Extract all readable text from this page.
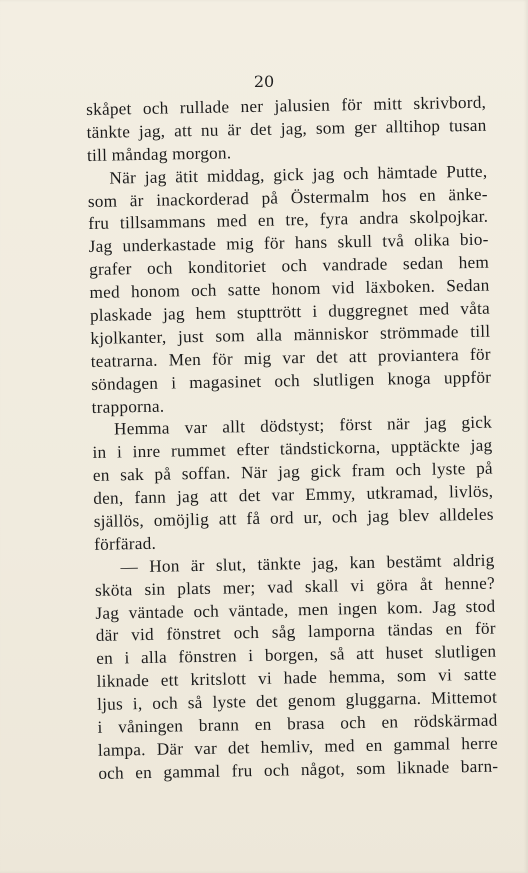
20
skåpet och rullade ner jalusien för mitt skrivbord,
tänkte jag, att nu är det jag, som ger alltihop tusan
till måndag morgon.
När jag ätit middag, gick jag och hämtade Putte,
som är inackorderad på Östermalm hos en änke-
fru tillsammans med en tre, fyra andra skolpojkar.
Jag underkastade mig för hans skull två olika bio-
grafer och konditoriet och vandrade sedan hem
med honom och satte honom vid läxboken. Sedan
plaskade jag hem stupttrött i duggregnet med våta
kjolkanter, just som alla människor strömmade till
teatrarna. Men för mig var det att proviantera för
söndagen i magasinet och slutligen knoga uppför
trapporna.
Hemma var allt dödstyst; först när jag gick
in i inre rummet efter tändstickorna, upptäckte jag
en sak på soffan. När jag gick fram och lyste på
den, fann jag att det var Emmy, utkramad, livlös,
själlös, omöjlig att få ord ur, och jag blev alldeles
förfärad.
— Hon är slut, tänkte jag, kan bestämt aldrig
sköta sin plats mer; vad skall vi göra åt henne?
Jag väntade och väntade, men ingen kom. Jag stod
där vid fönstret och såg lamporna tändas en för
en i alla fönstren i borgen, så att huset slutligen
liknade ett kritslott vi hade hemma, som vi satte
ljus i, och så lyste det genom gluggarna. Mittemot
i våningen brann en brasa och en rödskärmad
lampa. Där var det hemliv, med en gammal herre
och en gammal fru och något, som liknade barn-
